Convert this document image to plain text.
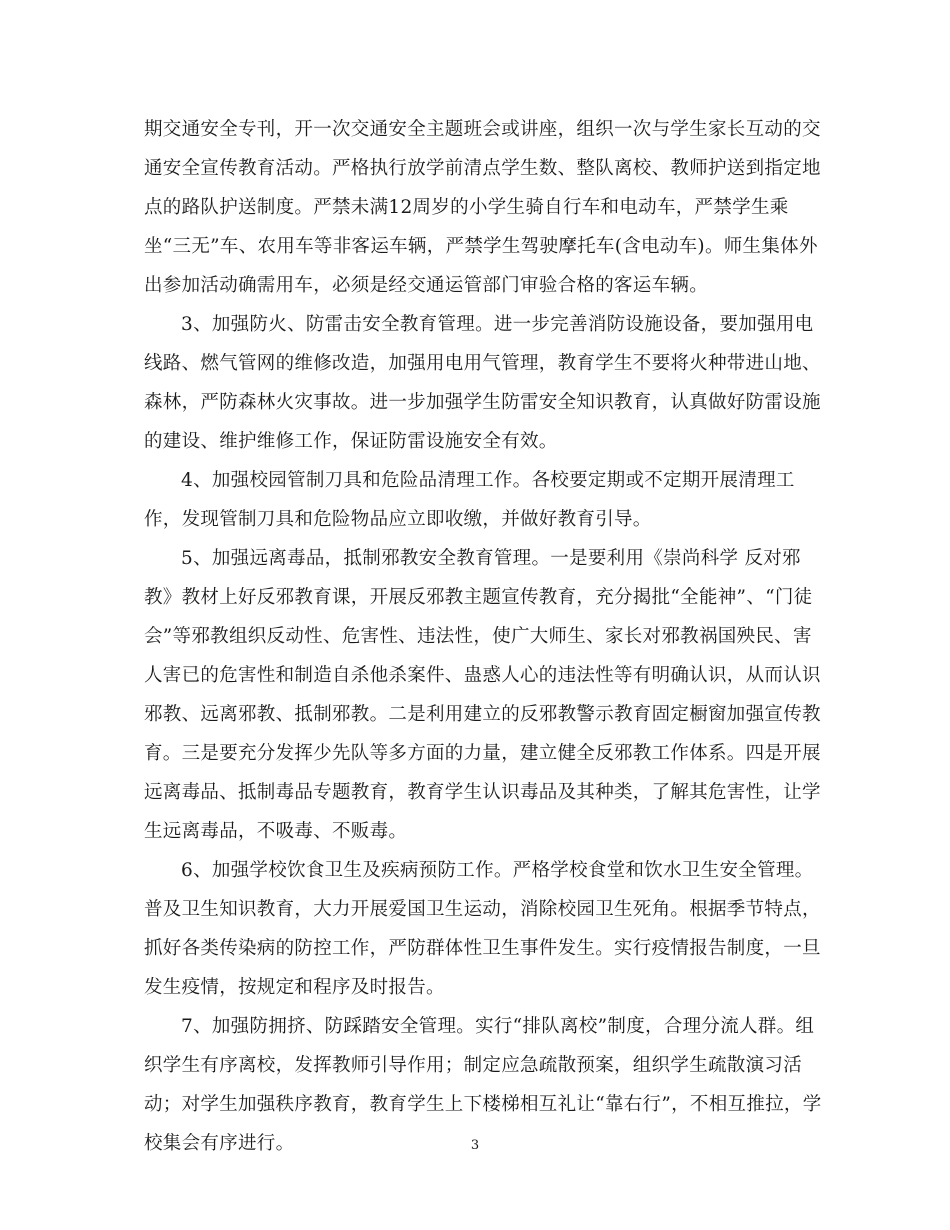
期交通安全专刊，开一次交通安全主题班会或讲座，组织一次与学生家长互动的交
通安全宣传教育活动。严格执行放学前清点学生数、整队离校、教师护送到指定地
点的路队护送制度。严禁未满12周岁的小学生骑自行车和电动车，严禁学生乘
坐“三无”车、农用车等非客运车辆，严禁学生驾驶摩托车(含电动车)。师生集体外
出参加活动确需用车，必须是经交通运管部门审验合格的客运车辆。
3、加强防火、防雷击安全教育管理。进一步完善消防设施设备，要加强用电
线路、燃气管网的维修改造，加强用电用气管理，教育学生不要将火种带进山地、
森林，严防森林火灾事故。进一步加强学生防雷安全知识教育，认真做好防雷设施
的建设、维护维修工作，保证防雷设施安全有效。
4、加强校园管制刀具和危险品清理工作。各校要定期或不定期开展清理工
作，发现管制刀具和危险物品应立即收缴，并做好教育引导。
5、加强远离毒品，抵制邪教安全教育管理。一是要利用《崇尚科学 反对邪
教》教材上好反邪教育课，开展反邪教主题宣传教育，充分揭批“全能神”、“门徒
会”等邪教组织反动性、危害性、违法性，使广大师生、家长对邪教祸国殃民、害
人害已的危害性和制造自杀他杀案件、蛊惑人心的违法性等有明确认识，从而认识
邪教、远离邪教、抵制邪教。二是利用建立的反邪教警示教育固定橱窗加强宣传教
育。三是要充分发挥少先队等多方面的力量，建立健全反邪教工作体系。四是开展
远离毒品、抵制毒品专题教育，教育学生认识毒品及其种类，了解其危害性，让学
生远离毒品，不吸毒、不贩毒。
6、加强学校饮食卫生及疾病预防工作。严格学校食堂和饮水卫生安全管理。
普及卫生知识教育，大力开展爱国卫生运动，消除校园卫生死角。根据季节特点，
抓好各类传染病的防控工作，严防群体性卫生事件发生。实行疫情报告制度，一旦
发生疫情，按规定和程序及时报告。
7、加强防拥挤、防踩踏安全管理。实行“排队离校”制度，合理分流人群。组
织学生有序离校，发挥教师引导作用；制定应急疏散预案，组织学生疏散演习活
动；对学生加强秩序教育，教育学生上下楼梯相互礼让“靠右行”，不相互推拉，学
校集会有序进行。	3
